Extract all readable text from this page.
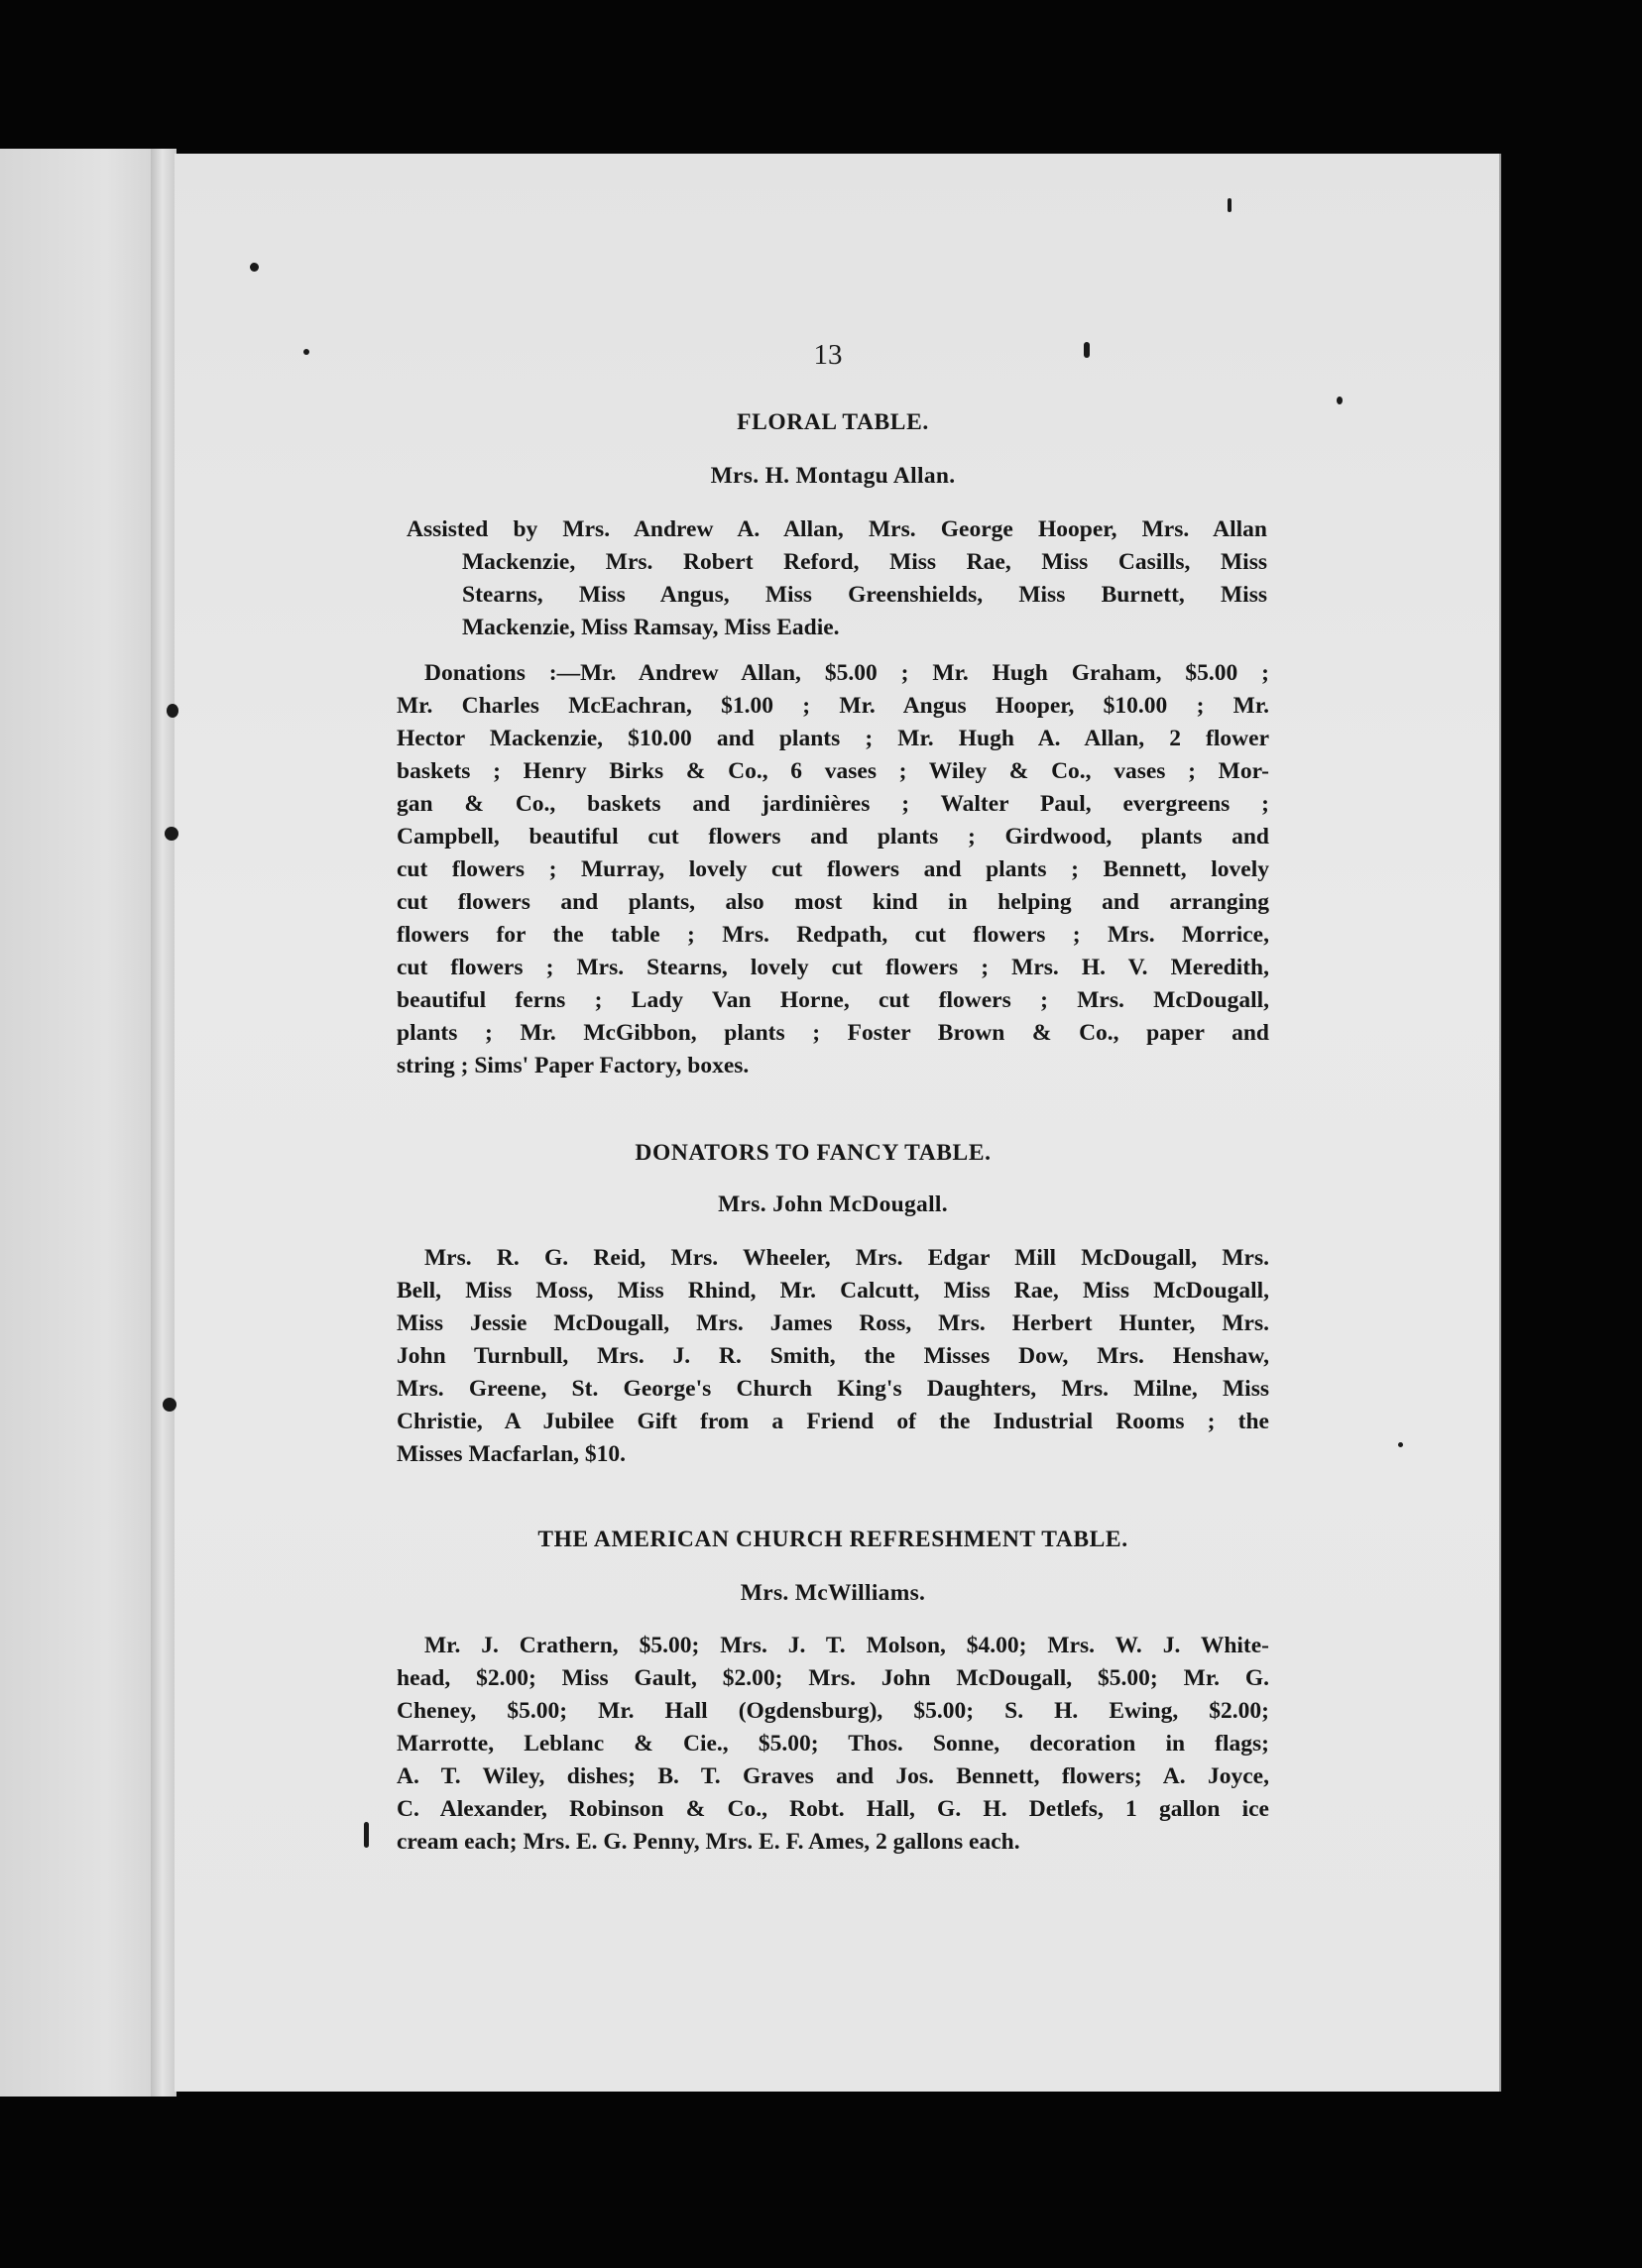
13
FLORAL TABLE.
Mrs. H. Montagu Allan.
Assisted by Mrs. Andrew A. Allan, Mrs. George Hooper, Mrs. Allan
Mackenzie, Mrs. Robert Reford, Miss Rae, Miss Casills, Miss
Stearns, Miss Angus, Miss Greenshields, Miss Burnett, Miss
Mackenzie, Miss Ramsay, Miss Eadie.
Donations :—Mr. Andrew Allan, $5.00 ; Mr. Hugh Graham, $5.00 ;
Mr. Charles McEachran, $1.00 ; Mr. Angus Hooper, $10.00 ; Mr.
Hector Mackenzie, $10.00 and plants ; Mr. Hugh A. Allan, 2 flower
baskets ; Henry Birks & Co., 6 vases ; Wiley & Co., vases ; Mor-
gan & Co., baskets and jardinières ; Walter Paul, evergreens ;
Campbell, beautiful cut flowers and plants ; Girdwood, plants and
cut flowers ; Murray, lovely cut flowers and plants ; Bennett, lovely
cut flowers and plants, also most kind in helping and arranging
flowers for the table ; Mrs. Redpath, cut flowers ; Mrs. Morrice,
cut flowers ; Mrs. Stearns, lovely cut flowers ; Mrs. H. V. Meredith,
beautiful ferns ; Lady Van Horne, cut flowers ; Mrs. McDougall,
plants ; Mr. McGibbon, plants ; Foster Brown & Co., paper and
string ; Sims' Paper Factory, boxes.
DONATORS TO FANCY TABLE.
Mrs. John McDougall.
Mrs. R. G. Reid, Mrs. Wheeler, Mrs. Edgar Mill McDougall, Mrs.
Bell, Miss Moss, Miss Rhind, Mr. Calcutt, Miss Rae, Miss McDougall,
Miss Jessie McDougall, Mrs. James Ross, Mrs. Herbert Hunter, Mrs.
John Turnbull, Mrs. J. R. Smith, the Misses Dow, Mrs. Henshaw,
Mrs. Greene, St. George's Church King's Daughters, Mrs. Milne, Miss
Christie, A Jubilee Gift from a Friend of the Industrial Rooms ; the
Misses Macfarlan, $10.
THE AMERICAN CHURCH REFRESHMENT TABLE.
Mrs. McWilliams.
Mr. J. Crathern, $5.00; Mrs. J. T. Molson, $4.00; Mrs. W. J. White-
head, $2.00; Miss Gault, $2.00; Mrs. John McDougall, $5.00; Mr. G.
Cheney, $5.00; Mr. Hall (Ogdensburg), $5.00; S. H. Ewing, $2.00;
Marrotte, Leblanc & Cie., $5.00; Thos. Sonne, decoration in flags;
A. T. Wiley, dishes; B. T. Graves and Jos. Bennett, flowers; A. Joyce,
C. Alexander, Robinson & Co., Robt. Hall, G. H. Detlefs, 1 gallon ice
cream each; Mrs. E. G. Penny, Mrs. E. F. Ames, 2 gallons each.
